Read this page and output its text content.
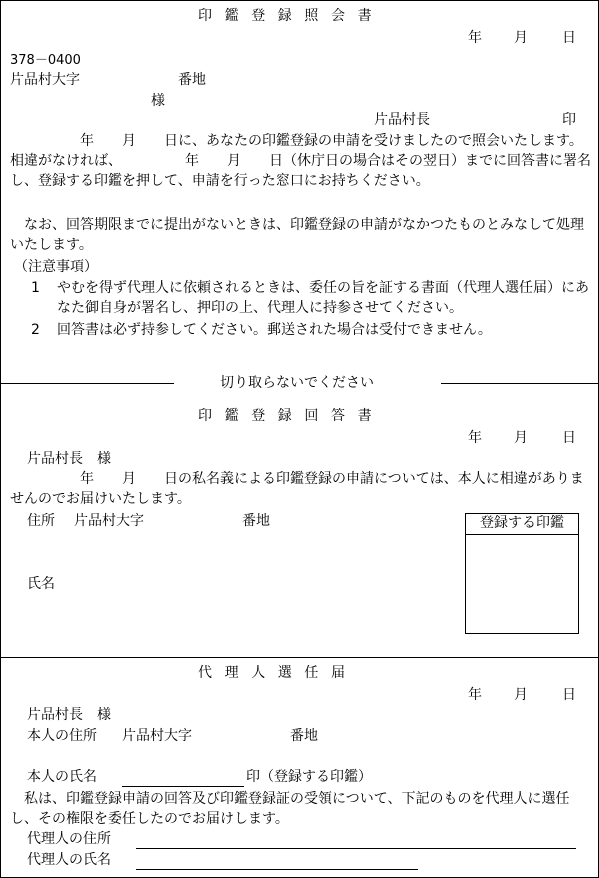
印鑑登録照会書
年 月 日
378－0400
片品村大字　　　　　　　番地
様
片品村長	印
　　　　　年　　月　　日に、あなたの印鑑登録の申請を受けましたので照会いたします。相違がなければ、　　　　　年　　月　　日（休庁日の場合はその翌日）までに回答書に署名し、登録する印鑑を押して、申請を行った窓口にお持ちください。
なお、回答期限までに提出がないときは、印鑑登録の申請がなかつたものとみなして処理いたします。
（注意事項）
1 やむを得ず代理人に依頼されるときは、委任の旨を証する書面（代理人選任届）にあなた御自身が署名し、押印の上、代理人に持参させてください。
2 回答書は必ず持参してください。郵送された場合は受付できません。
切り取らないでください
印鑑登録回答書
年 月 日
片品村長　様
　　　　　年　　月　　日の私名義による印鑑登録の申請については、本人に相違がありませんのでお届けいたします。
住所 片品村大字　　　　　　　番地
氏名
登録する印鑑
代理人選任届
年 月 日
片品村長　様
本人の住所 片品村大字　　　　　　　番地
本人の氏名	印（登録する印鑑）
私は、印鑑登録申請の回答及び印鑑登録証の受領について、下記のものを代理人に選任し、その権限を委任したのでお届けします。
代理人の住所
代理人の氏名
